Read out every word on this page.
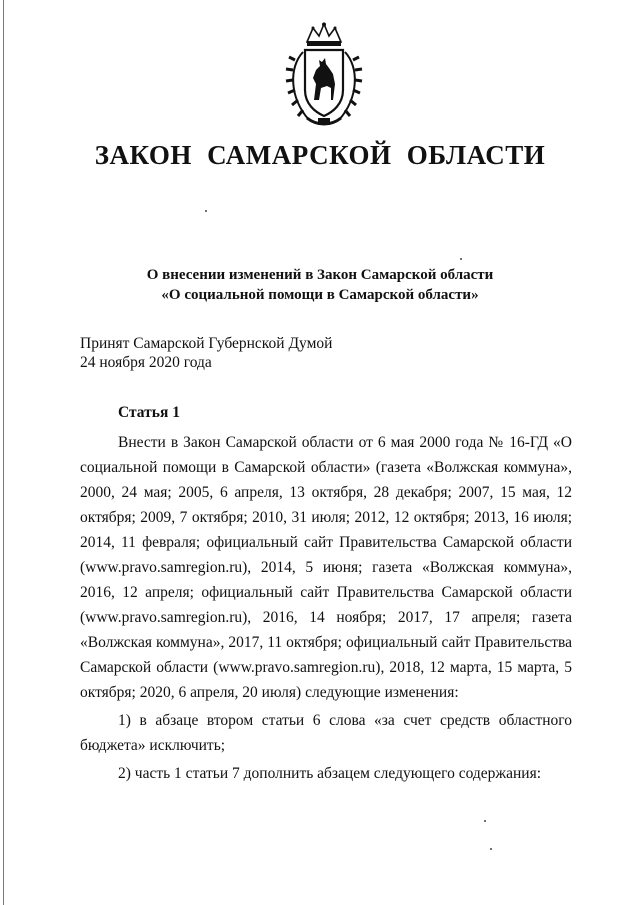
ЗАКОН САМАРСКОЙ ОБЛАСТИ
О внесении изменений в Закон Самарской области
«О социальной помощи в Самарской области»
Принят Самарской Губернской Думой
24 ноября 2020 года
Статья 1

Внести в Закон Самарской области от 6 мая 2000 года № 16-ГД «О социальной помощи в Самарской области» (газета «Волжская коммуна», 2000, 24 мая; 2005, 6 апреля, 13 октября, 28 декабря; 2007, 15 мая, 12 октября; 2009, 7 октября; 2010, 31 июля; 2012, 12 октября; 2013, 16 июля; 2014, 11 февраля; официальный сайт Правительства Самарской области (www.pravo.samregion.ru), 2014, 5 июня; газета «Волжская коммуна», 2016, 12 апреля; официальный сайт Правительства Самарской области (www.pravo.samregion.ru), 2016, 14 ноября; 2017, 17 апреля; газета «Волжская коммуна», 2017, 11 октября; официальный сайт Правительства Самарской области (www.pravo.samregion.ru), 2018, 12 марта, 15 марта, 5 октября; 2020, 6 апреля, 20 июля) следующие изменения:

1) в абзаце втором статьи 6 слова «за счет средств областного бюджета» исключить;

2) часть 1 статьи 7 дополнить абзацем следующего содержания:
